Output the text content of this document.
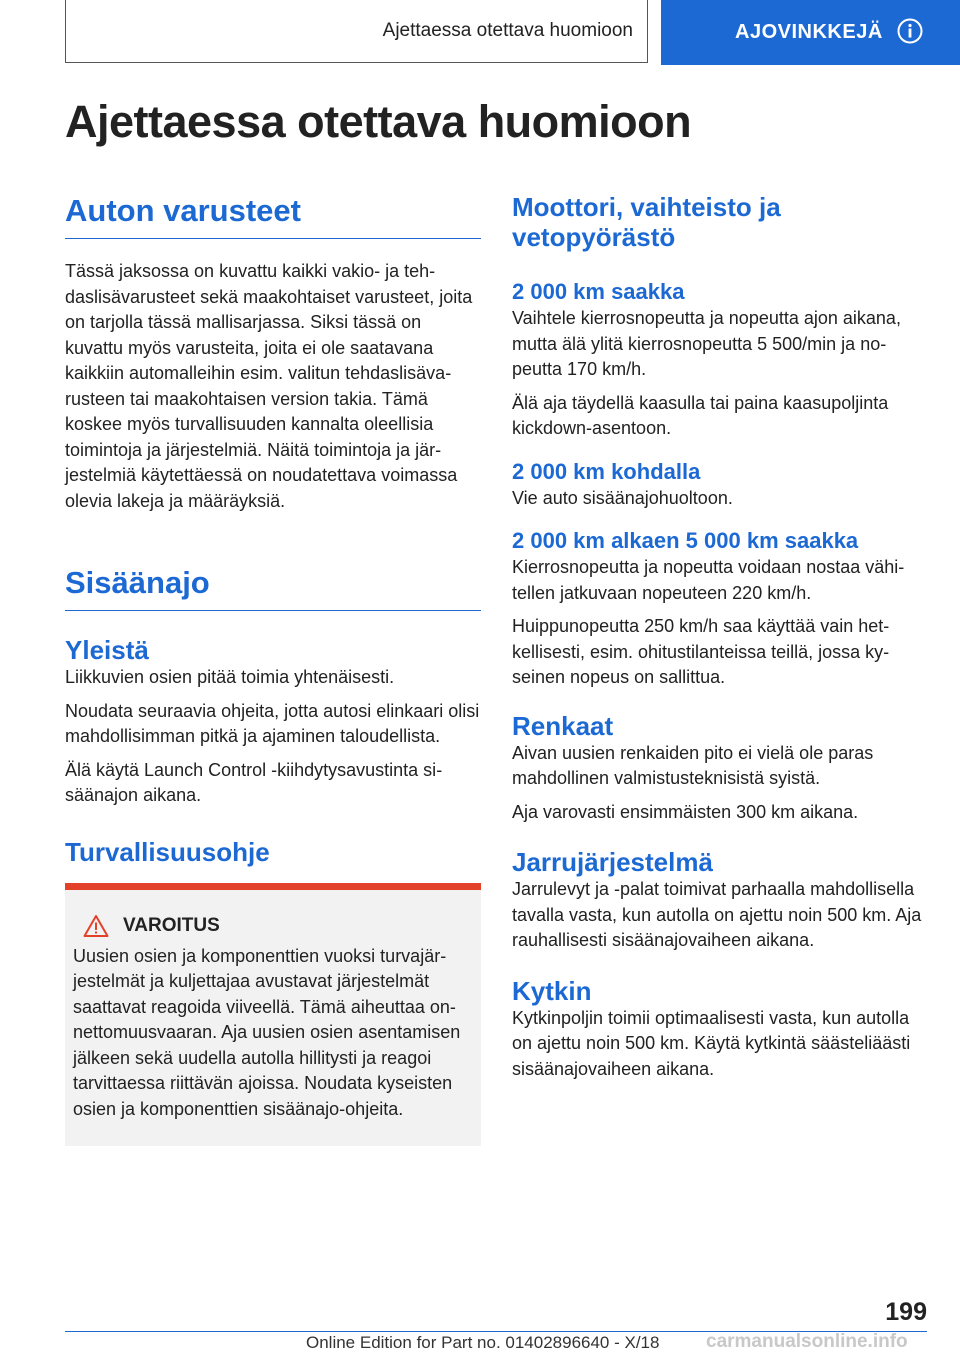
Ajettaessa otettava huomioon	AJOVINKKEJÄ
Ajettaessa otettava huomioon
Auton varusteet

Tässä jaksossa on kuvattu kaikki vakio- ja tehdaslisävarusteet sekä maakohtaiset varusteet, joita on tarjolla tässä mallisarjassa. Siksi tässä on kuvattu myös varusteita, joita ei ole saatavana kaikkiin automalleihin esim. valitun tehdaslisävarusteen tai maakohtaisen version takia. Tämä koskee myös turvallisuuden kannalta oleellisia toimintoja ja järjestelmiä. Näitä toimintoja ja järjestelmiä käytettäessä on noudatettava voimassa olevia lakeja ja määräyksiä.

Sisäänajo
Yleistä

Liikkuvien osien pitää toimia yhtenäisesti.

Noudata seuraavia ohjeita, jotta autosi elinkaari olisi mahdollisimman pitkä ja ajaminen taloudellista.

Älä käytä Launch Control -kiihdytysavustinta sisäänajon aikana.

Turvallisuusohje
VAROITUS

Uusien osien ja komponenttien vuoksi turvajärjestelmät ja kuljettajaa avustavat järjestelmät saattavat reagoida viiveellä. Tämä aiheuttaa onnettomuusvaaran. Aja uusien osien asentamisen jälkeen sekä uudella autolla hillitysti ja reagoi tarvittaessa riittävän ajoissa. Noudata kyseisten osien ja komponenttien sisäänajo-ohjeita.

Moottori, vaihteisto ja vetopyörästö
2 000 km saakka

Vaihtele kierrosnopeutta ja nopeutta ajon aikana, mutta älä ylitä kierrosnopeutta 5 500/min ja nopeutta 170 km/h.

Älä aja täydellä kaasulla tai paina kaasupoljinta kickdown-asentoon.

2 000 km kohdalla

Vie auto sisäänajohuoltoon.

2 000 km alkaen 5 000 km saakka

Kierrosnopeutta ja nopeutta voidaan nostaa vähitellen jatkuvaan nopeuteen 220 km/h.

Huippunopeutta 250 km/h saa käyttää vain hetkellisesti, esim. ohitustilanteissa teillä, jossa kyseinen nopeus on sallittua.

Renkaat

Aivan uusien renkaiden pito ei vielä ole paras mahdollinen valmistusteknisistä syistä.

Aja varovasti ensimmäisten 300 km aikana.

Jarrujärjestelmä

Jarrulevyt ja -palat toimivat parhaalla mahdollisella tavalla vasta, kun autolla on ajettu noin 500 km. Aja rauhallisesti sisäänajovaiheen aikana.

Kytkin

Kytkinpoljin toimii optimaalisesti vasta, kun autolla on ajettu noin 500 km. Käytä kytkintä säästeliäästi sisäänajovaiheen aikana.

199
Online Edition for Part no. 01402896640 - X/18 carmanualsonline.info
